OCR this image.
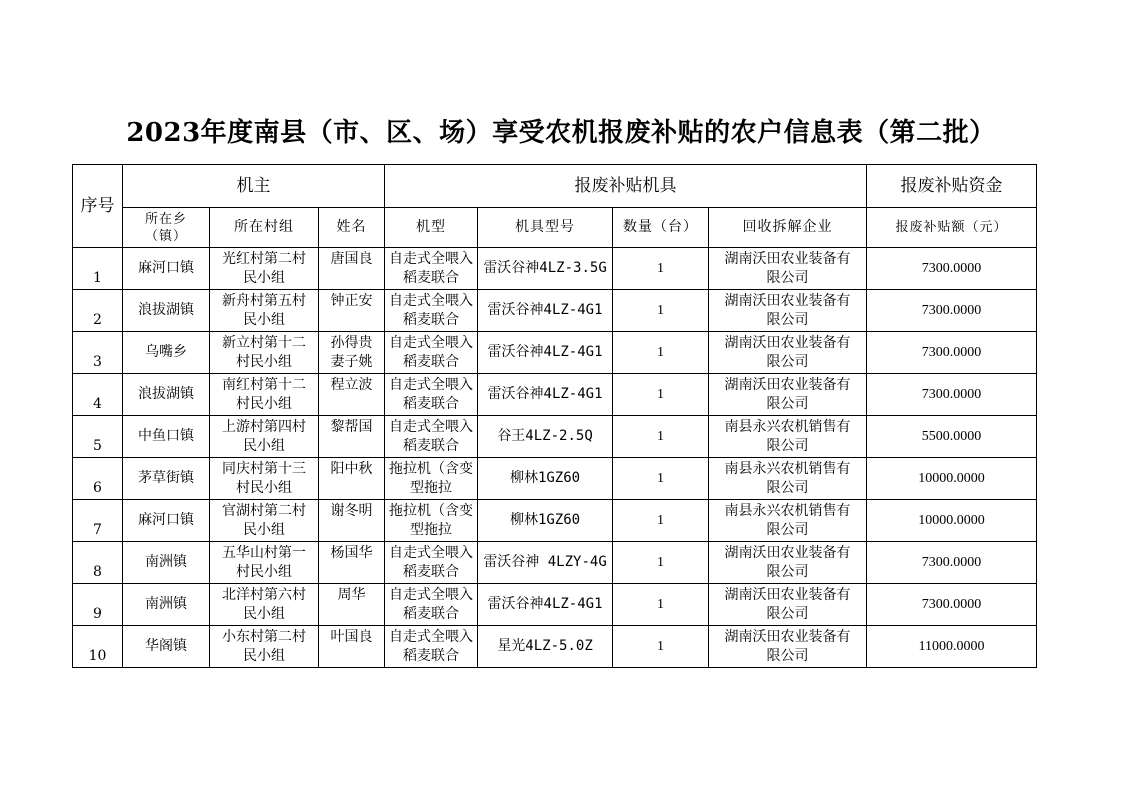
2023年度南县（市、区、场）享受农机报废补贴的农户信息表（第二批）
序号	机主			报废补贴机具				报废补贴资金

	所在乡（镇）	所在村组	姓名	机型	机具型号	数量（台）	回收拆解企业	报废补贴额（元）
1	麻河口镇	光红村第二村民小组	唐国良	自走式全喂入稻麦联合	雷沃谷神4LZ-3.5G	1	湖南沃田农业装备有限公司	7300.0000
2	浪拔湖镇	新舟村第五村民小组	钟正安	自走式全喂入稻麦联合	雷沃谷神4LZ-4G1	1	湖南沃田农业装备有限公司	7300.0000
3	乌嘴乡	新立村第十二村民小组	孙得贵妻子姚	自走式全喂入稻麦联合	雷沃谷神4LZ-4G1	1	湖南沃田农业装备有限公司	7300.0000
4	浪拔湖镇	南红村第十二村民小组	程立波	自走式全喂入稻麦联合	雷沃谷神4LZ-4G1	1	湖南沃田农业装备有限公司	7300.0000
5	中鱼口镇	上游村第四村民小组	黎帮国	自走式全喂入稻麦联合	谷王4LZ-2.5Q	1	南县永兴农机销售有限公司	5500.0000
6	茅草街镇	同庆村第十三村民小组	阳中秋	拖拉机（含变型拖拉	柳林1GZ60	1	南县永兴农机销售有限公司	10000.0000
7	麻河口镇	官湖村第二村民小组	谢冬明	拖拉机（含变型拖拉	柳林1GZ60	1	南县永兴农机销售有限公司	10000.0000
8	南洲镇	五华山村第一村民小组	杨国华	自走式全喂入稻麦联合	雷沃谷神 4LZY-4G	1	湖南沃田农业装备有限公司	7300.0000
9	南洲镇	北洋村第六村民小组	周华	自走式全喂入稻麦联合	雷沃谷神4LZ-4G1	1	湖南沃田农业装备有限公司	7300.0000
10	华阁镇	小东村第二村民小组	叶国良	自走式全喂入稻麦联合	星光4LZ-5.0Z	1	湖南沃田农业装备有限公司	11000.0000
